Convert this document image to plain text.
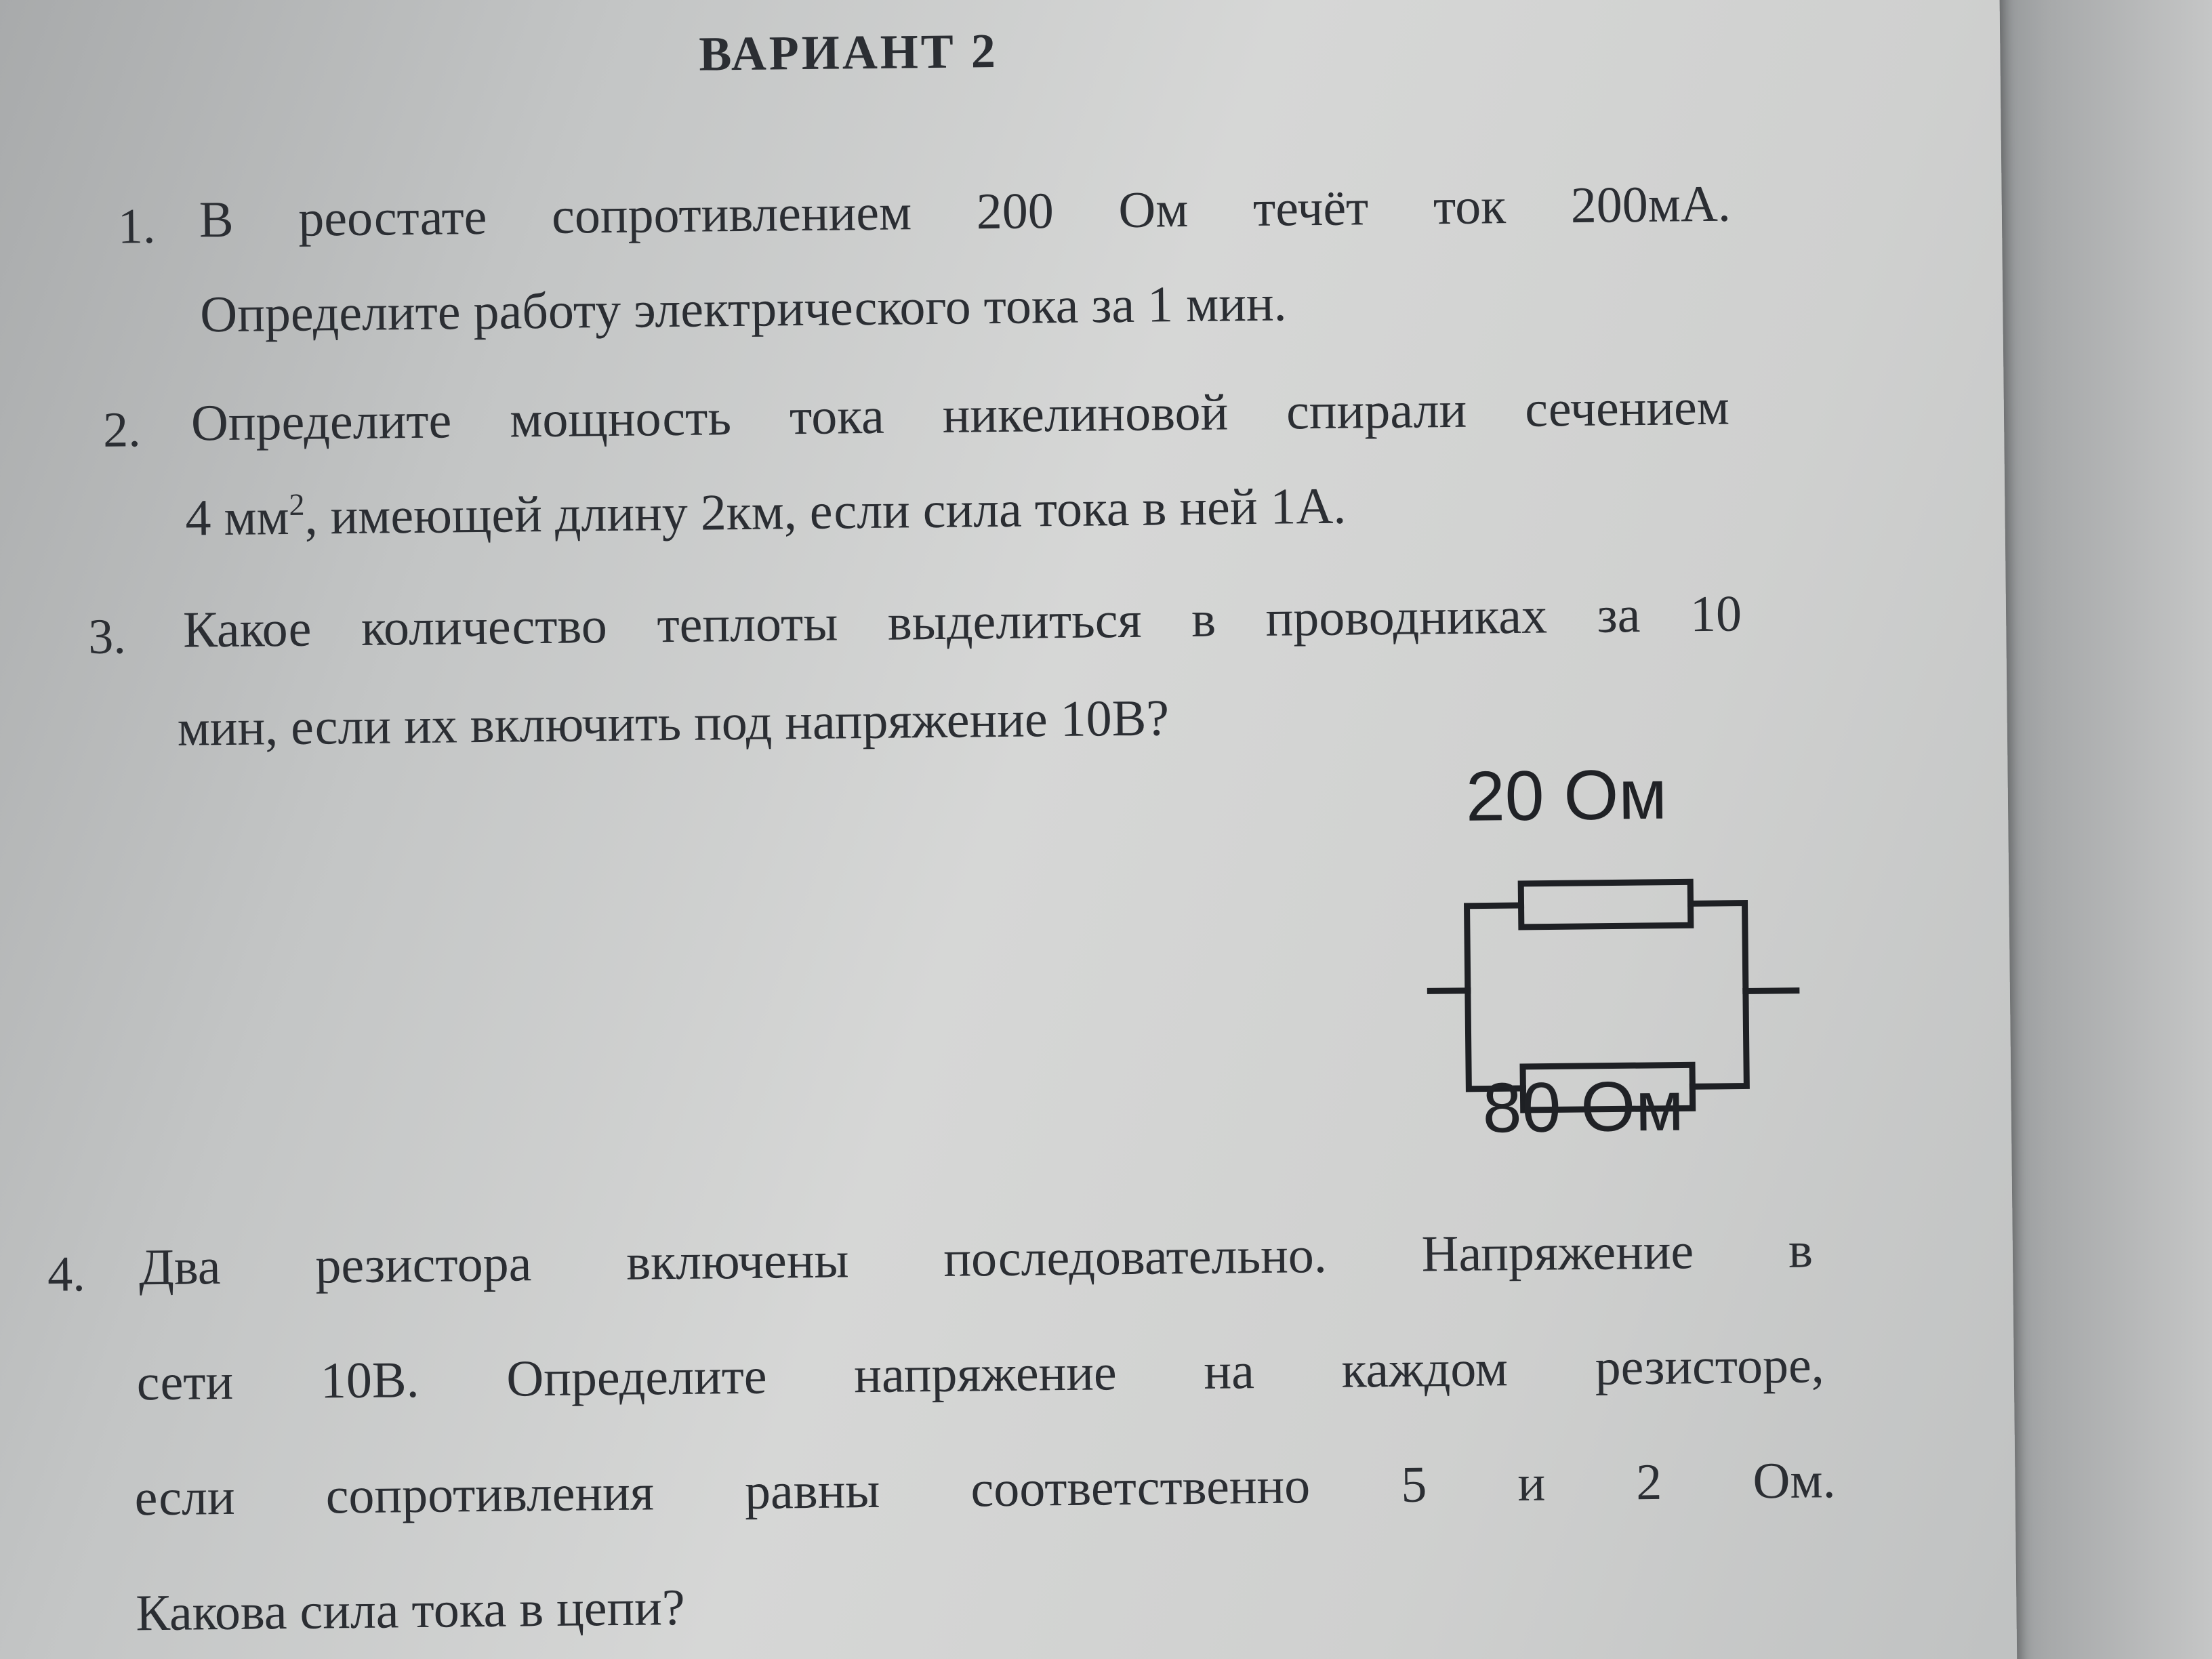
ВАРИАНТ 2
1. В реостате сопротивлением 200 Ом течёт ток 200мА.
Определите работу электрического тока за 1 мин.
2. Определите мощность тока никелиновой спирали сечением
4 $мм^2$, имеющей длину 2км, если сила тока в ней 1А.
3. Какое количество теплоты выделиться в проводниках за 10
мин, если их включить под напряжение 10В?
20 Ом
80 Ом
4. Два резистора включены последовательно. Напряжение в
сети 10В. Определите напряжение на каждом резисторе,
если сопротивления равны соответственно 5 и 2 Ом.
Какова сила тока в цепи?
